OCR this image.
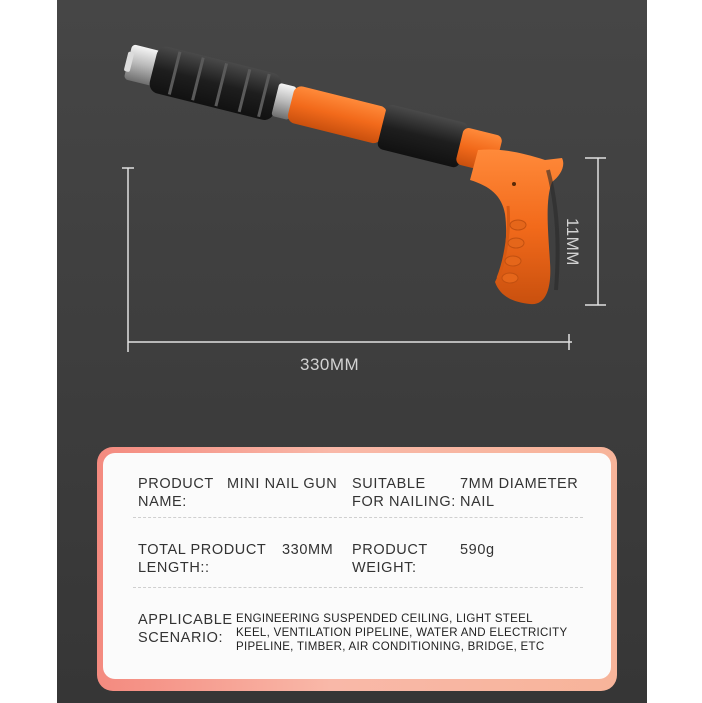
330MM
11MM
PRODUCT
NAME:
MINI NAIL GUN SUITABLE
FOR NAILING:
7MM DIAMETER
NAIL
TOTAL PRODUCT
LENGTH::
330MM PRODUCT
WEIGHT:
590g
APPLICABLE
SCENARIO:
ENGINEERING SUSPENDED CEILING, LIGHT STEEL
KEEL, VENTILATION PIPELINE, WATER AND ELECTRICITY
PIPELINE, TIMBER, AIR CONDITIONING, BRIDGE, ETC
